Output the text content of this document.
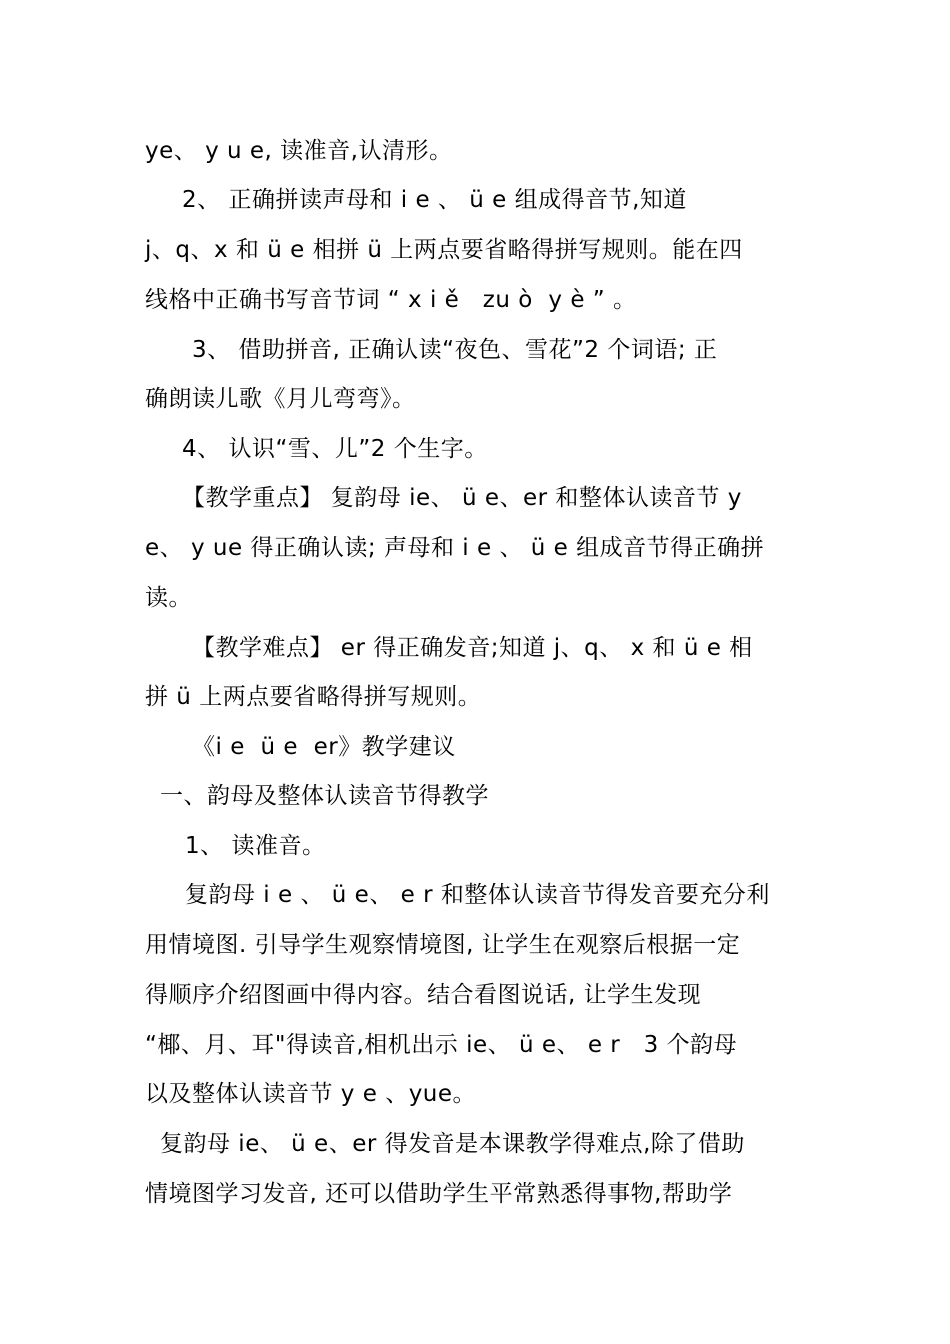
ye、 y u e, 读准音,认清形。
2、 正确拼读声母和 i e 、 ü e 组成得音节,知道
j、q、x 和 ü e 相拼 ü 上两点要省略得拼写规则。能在四
线格中正确书写音节词 “ x i ě   zu ò  y è ” 。
3、 借助拼音, 正确认读“夜色、雪花”2 个词语; 正
确朗读儿歌《月儿弯弯》。
4、 认识“雪、儿”2 个生字。
【教学重点】 复韵母 ie、 ü e、er 和整体认读音节 y
e、 y ue 得正确认读; 声母和 i e 、 ü e 组成音节得正确拼
读。
【教学难点】 er 得正确发音;知道 j、q、 x 和 ü e 相
拼 ü 上两点要省略得拼写规则。
《i e  ü e  er》教学建议
一、韵母及整体认读音节得教学
1、 读准音。
复韵母 i e 、 ü e、 e r 和整体认读音节得发音要充分利
用情境图. 引导学生观察情境图, 让学生在观察后根据一定
得顺序介绍图画中得内容。结合看图说话, 让学生发现
“椰、月、耳"得读音,相机出示 ie、 ü e、 e r   3 个韵母
以及整体认读音节 y e 、yue。
复韵母 ie、 ü e、er 得发音是本课教学得难点,除了借助
情境图学习发音, 还可以借助学生平常熟悉得事物,帮助学
